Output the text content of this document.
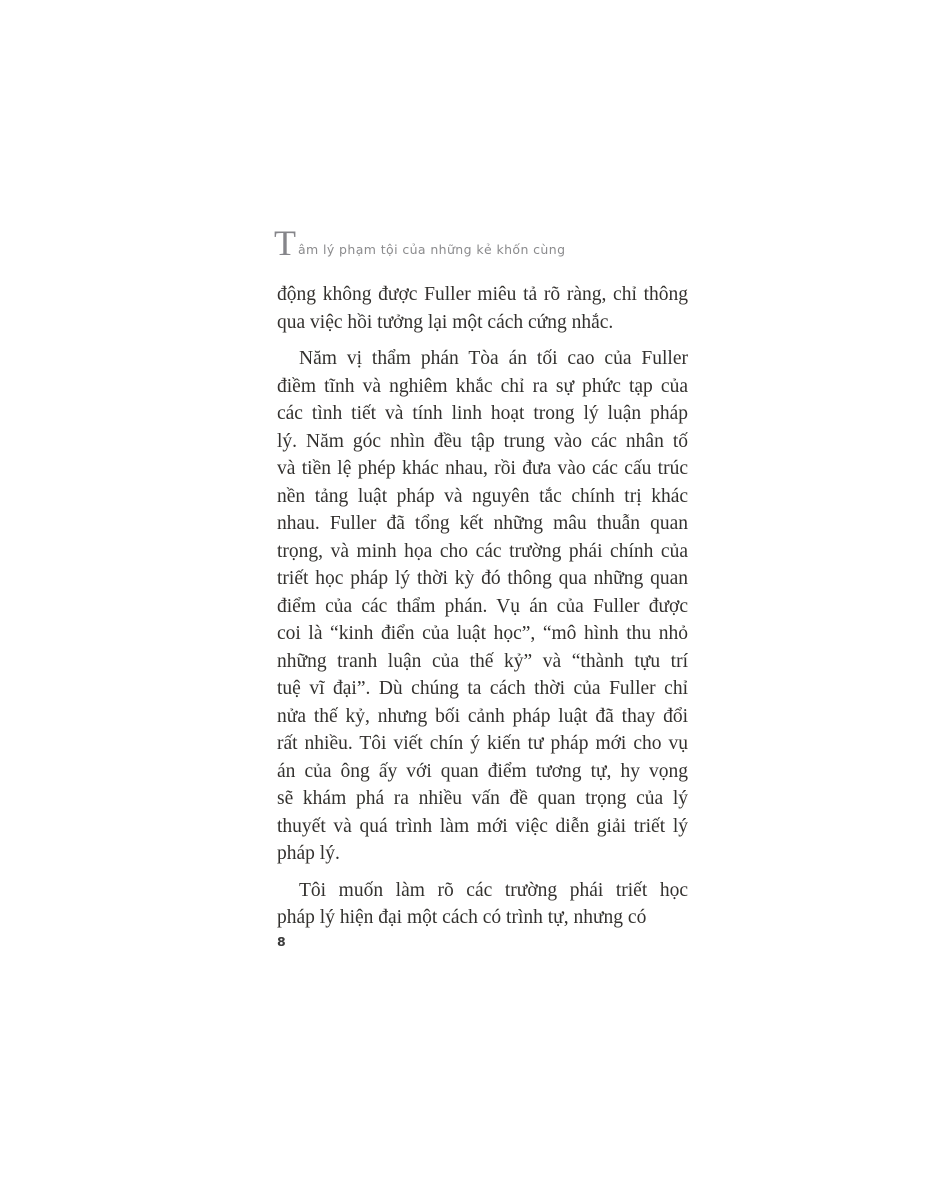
T âm lý phạm tội của những kẻ khốn cùng
động không được Fuller miêu tả rõ ràng, chỉ thông
qua việc hồi tưởng lại một cách cứng nhắc.
Năm vị thẩm phán Tòa án tối cao của Fuller
điềm tĩnh và nghiêm khắc chỉ ra sự phức tạp của
các tình tiết và tính linh hoạt trong lý luận pháp
lý. Năm góc nhìn đều tập trung vào các nhân tố
và tiền lệ phép khác nhau, rồi đưa vào các cấu trúc
nền tảng luật pháp và nguyên tắc chính trị khác
nhau. Fuller đã tổng kết những mâu thuẫn quan
trọng, và minh họa cho các trường phái chính của
triết học pháp lý thời kỳ đó thông qua những quan
điểm của các thẩm phán. Vụ án của Fuller được
coi là “kinh điển của luật học”, “mô hình thu nhỏ
những tranh luận của thế kỷ” và “thành tựu trí
tuệ vĩ đại”. Dù chúng ta cách thời của Fuller chỉ
nửa thế kỷ, nhưng bối cảnh pháp luật đã thay đổi
rất nhiều. Tôi viết chín ý kiến tư pháp mới cho vụ
án của ông ấy với quan điểm tương tự, hy vọng
sẽ khám phá ra nhiều vấn đề quan trọng của lý
thuyết và quá trình làm mới việc diễn giải triết lý
pháp lý.
Tôi muốn làm rõ các trường phái triết học
pháp lý hiện đại một cách có trình tự, nhưng có
8
